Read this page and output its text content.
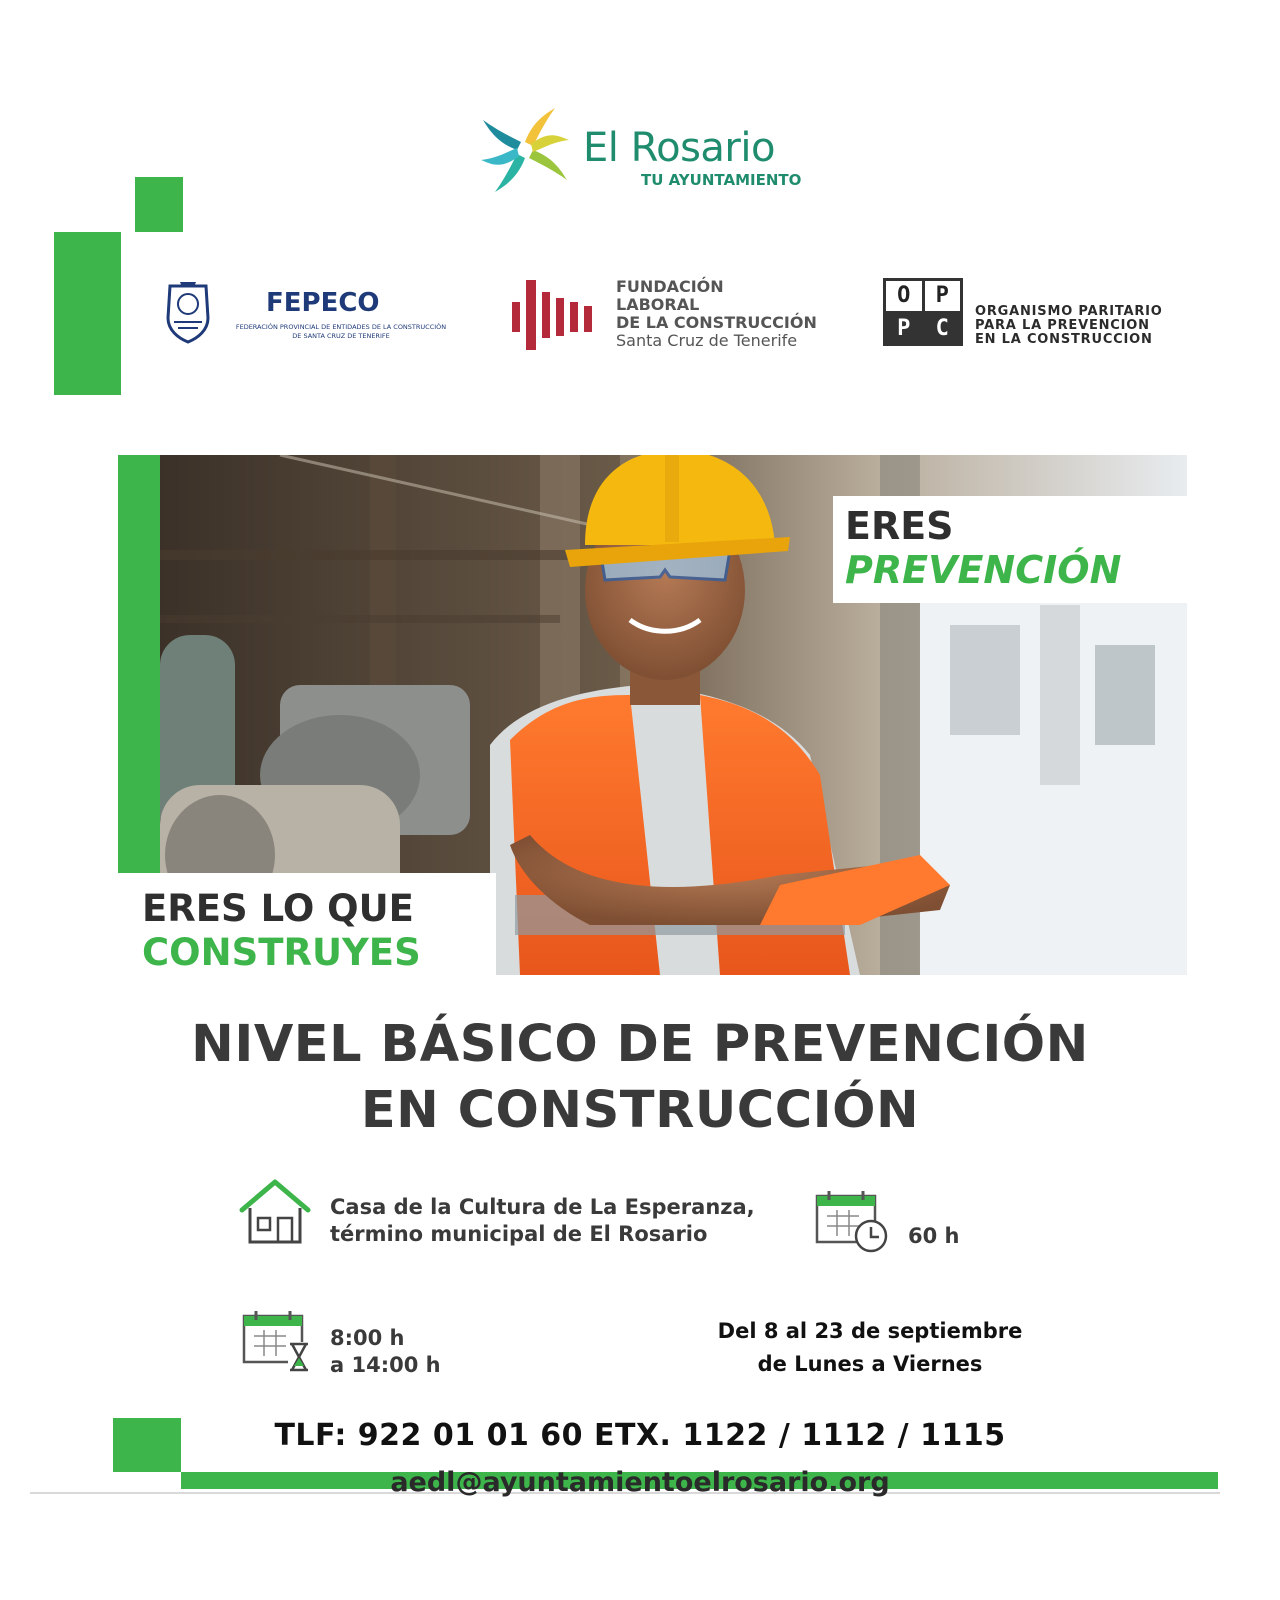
El Rosario
TU AYUNTAMIENTO
FEPECO
FEDERACIÓN PROVINCIAL DE ENTIDADES DE LA CONSTRUCCIÓN
DE SANTA CRUZ DE TENERIFE
FUNDACIÓN
LABORAL
DE LA CONSTRUCCIÓN
Santa Cruz de Tenerife
O	P
P	C
ORGANISMO PARITARIO
PARA LA PREVENCION
EN LA CONSTRUCCION
ERES
PREVENCIÓN
ERES LO QUE
CONSTRUYES
NIVEL BÁSICO DE PREVENCIÓN
EN CONSTRUCCIÓN
Casa de la Cultura de La Esperanza,
término municipal de El Rosario	60 h
8:00 h
a 14:00 h
Del 8 al 23 de septiembre
de Lunes a Viernes
TLF: 922 01 01 60 ETX. 1122 / 1112 / 1115
aedl@ayuntamientoelrosario.org
